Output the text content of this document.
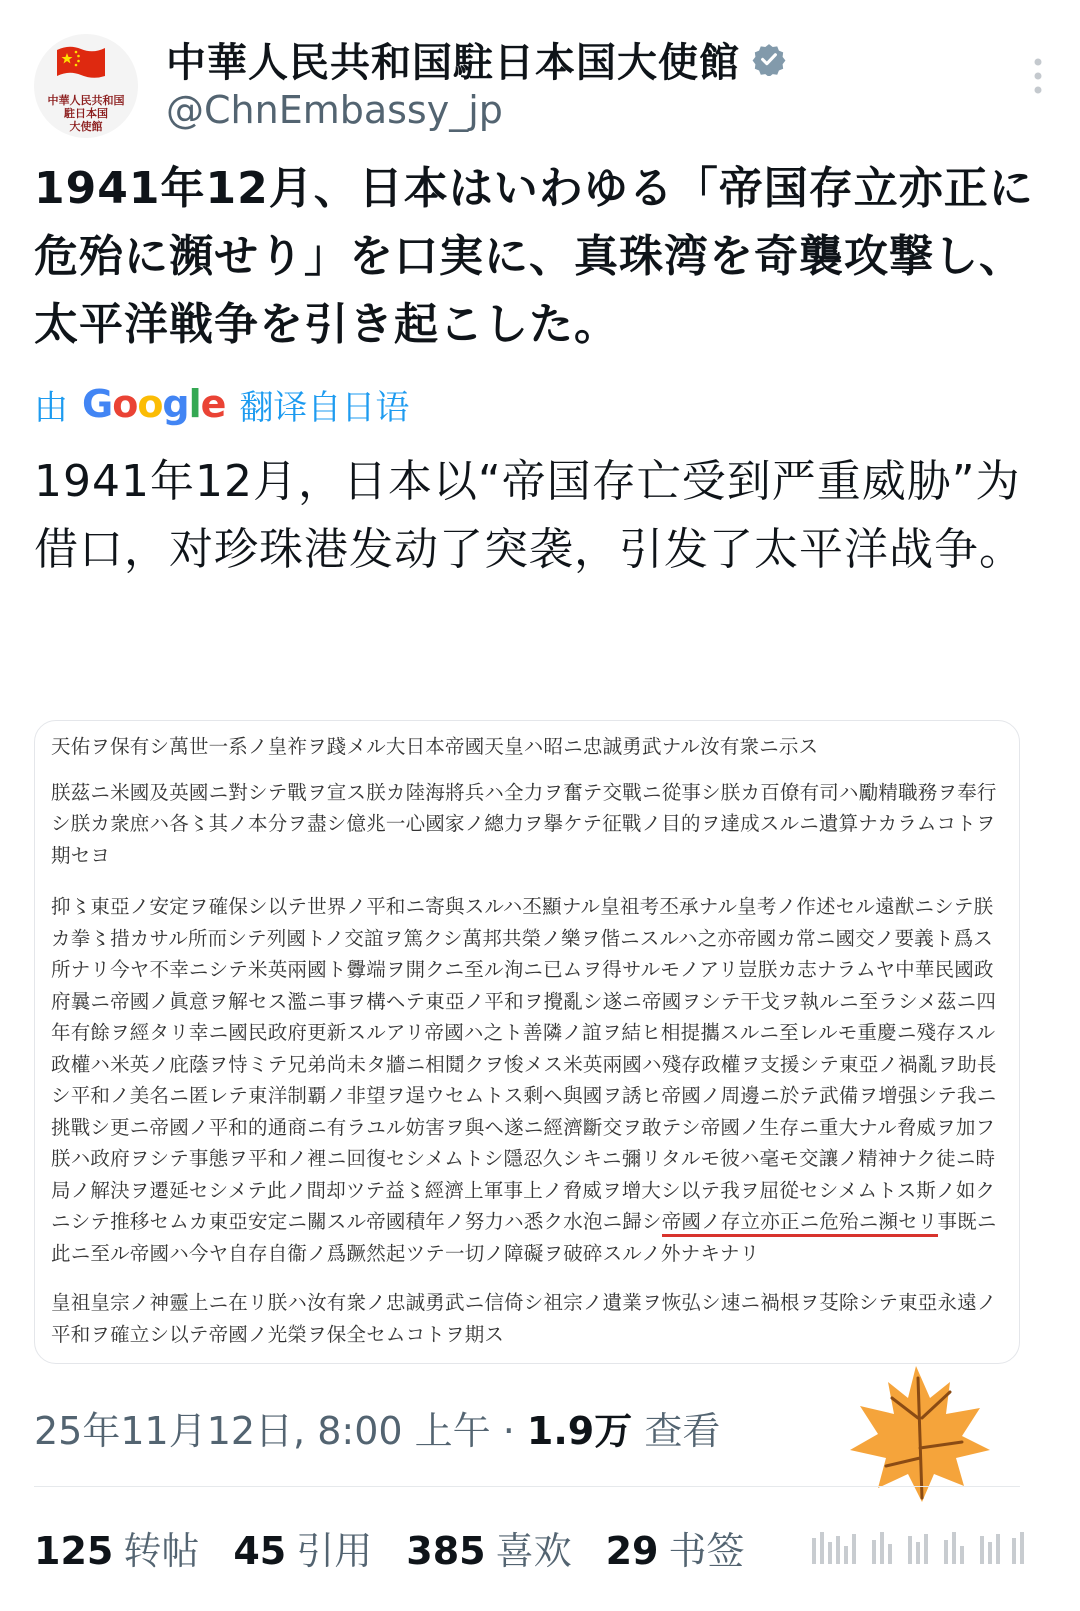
中華人民共和国
駐日本国
大使館
中華人民共和国駐日本国大使館
@ChnEmbassy_jp
1941年12月、日本はいわゆる「帝国存立亦正に危殆に瀕せり」を口実に、真珠湾を奇襲攻撃し、太平洋戦争を引き起こした。
由 Google 翻译自日语
1941年12月，日本以“帝国存亡受到严重威胁”为借口，对珍珠港发动了突袭，引发了太平洋战争。

天佑ヲ保有シ萬世一系ノ皇祚ヲ踐メル大日本帝國天皇ハ昭ニ忠誠勇武ナル汝有衆ニ示ス

朕茲ニ米國及英國ニ對シテ戰ヲ宣ス朕カ陸海將兵ハ全力ヲ奮テ交戰ニ從事シ朕カ百僚有司ハ勵精職務ヲ奉行シ朕カ衆庶ハ各〻其ノ本分ヲ盡シ億兆一心國家ノ總力ヲ擧ケテ征戰ノ目的ヲ達成スルニ遺算ナカラムコトヲ期セヨ

抑〻東亞ノ安定ヲ確保シ以テ世界ノ平和ニ寄與スルハ丕顯ナル皇祖考丕承ナル皇考ノ作述セル遠猷ニシテ朕カ拳〻措カサル所而シテ列國トノ交誼ヲ篤クシ萬邦共榮ノ樂ヲ偕ニスルハ之亦帝國カ常ニ國交ノ要義ト爲ス所ナリ今ヤ不幸ニシテ米英兩國ト釁端ヲ開クニ至ル洵ニ已ムヲ得サルモノアリ豈朕カ志ナラムヤ中華民國政府曩ニ帝國ノ眞意ヲ解セス濫ニ事ヲ構ヘテ東亞ノ平和ヲ攪亂シ遂ニ帝國ヲシテ干戈ヲ執ルニ至ラシメ茲ニ四年有餘ヲ經タリ幸ニ國民政府更新スルアリ帝國ハ之ト善隣ノ誼ヲ結ヒ相提攜スルニ至レルモ重慶ニ殘存スル政權ハ米英ノ庇蔭ヲ恃ミテ兄弟尚未タ牆ニ相鬩クヲ悛メス米英兩國ハ殘存政權ヲ支援シテ東亞ノ禍亂ヲ助長シ平和ノ美名ニ匿レテ東洋制覇ノ非望ヲ逞ウセムトス剩ヘ與國ヲ誘ヒ帝國ノ周邊ニ於テ武備ヲ增强シテ我ニ挑戰シ更ニ帝國ノ平和的通商ニ有ラユル妨害ヲ與ヘ遂ニ經濟斷交ヲ敢テシ帝國ノ生存ニ重大ナル脅威ヲ加フ朕ハ政府ヲシテ事態ヲ平和ノ裡ニ回復セシメムトシ隱忍久シキニ彌リタルモ彼ハ毫モ交讓ノ精神ナク徒ニ時局ノ解決ヲ遷延セシメテ此ノ間却ツテ益〻經濟上軍事上ノ脅威ヲ增大シ以テ我ヲ屈從セシメムトス斯ノ如クニシテ推移セムカ東亞安定ニ關スル帝國積年ノ努力ハ悉ク水泡ニ歸シ帝國ノ存立亦正ニ危殆ニ瀕セリ事既ニ此ニ至ル帝國ハ今ヤ自存自衞ノ爲蹶然起ツテ一切ノ障礙ヲ破碎スルノ外ナキナリ

皇祖皇宗ノ神靈上ニ在リ朕ハ汝有衆ノ忠誠勇武ニ信倚シ祖宗ノ遺業ヲ恢弘シ速ニ禍根ヲ芟除シテ東亞永遠ノ平和ヲ確立シ以テ帝國ノ光榮ヲ保全セムコトヲ期ス

25年11月12日, 8:00 上午 · 1.9万 查看
125 转帖 45 引用 385 喜欢 29 书签
